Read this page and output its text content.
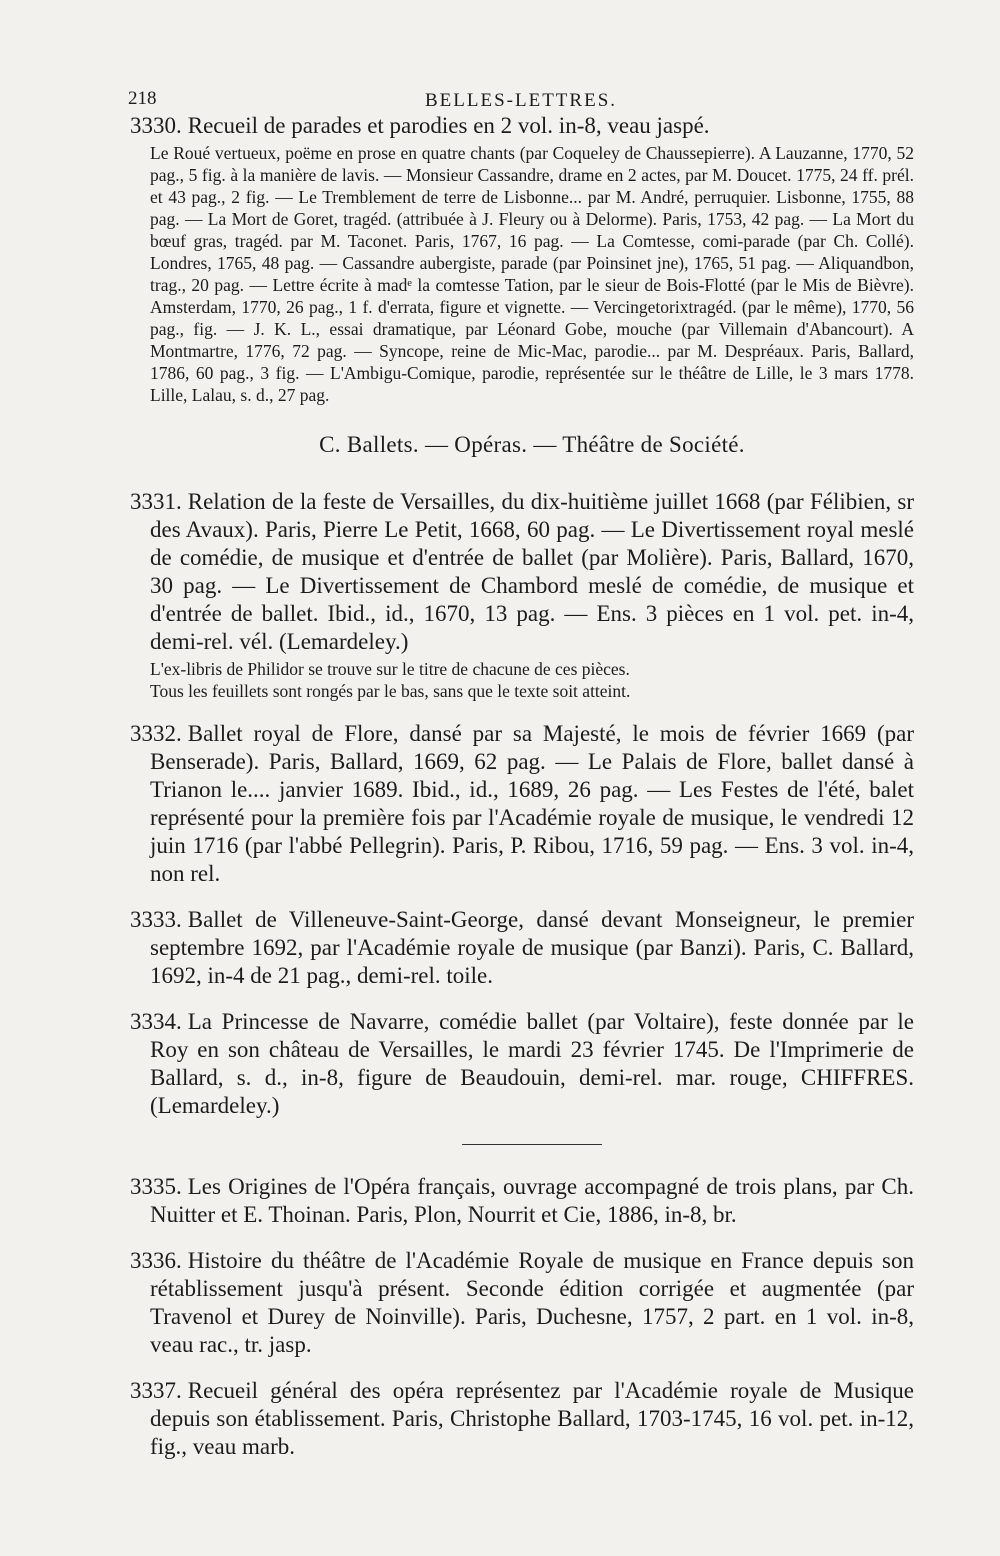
218	BELLES-LETTRES.
3330. Recueil de parades et parodies en 2 vol. in-8, veau jaspé.

Le Roué vertueux, poëme en prose en quatre chants (par Coqueley de Chaussepierre). A Lauzanne, 1770, 52 pag., 5 fig. à la manière de lavis. — Monsieur Cassandre, drame en 2 actes, par M. Doucet. 1775, 24 ff. prél. et 43 pag., 2 fig. — Le Tremblement de terre de Lisbonne... par M. André, perruquier. Lisbonne, 1755, 88 pag. — La Mort de Goret, tragéd. (attribuée à J. Fleury ou à Delorme). Paris, 1753, 42 pag. — La Mort du bœuf gras, tragéd. par M. Taconet. Paris, 1767, 16 pag. — La Comtesse, comi-parade (par Ch. Collé). Londres, 1765, 48 pag. — Cassandre aubergiste, parade (par Poinsinet jne), 1765, 51 pag. — Aliquandbon, trag., 20 pag. — Lettre écrite à madᵉ la comtesse Tation, par le sieur de Bois-Flotté (par le Mis de Bièvre). Amsterdam, 1770, 26 pag., 1 f. d'errata, figure et vignette. — Vercingetorixtragéd. (par le même), 1770, 56 pag., fig. — J. K. L., essai dramatique, par Léonard Gobe, mouche (par Villemain d'Abancourt). A Montmartre, 1776, 72 pag. — Syncope, reine de Mic-Mac, parodie... par M. Despréaux. Paris, Ballard, 1786, 60 pag., 3 fig. — L'Ambigu-Comique, parodie, représentée sur le théâtre de Lille, le 3 mars 1778. Lille, Lalau, s. d., 27 pag.

C. Ballets. — Opéras. — Théâtre de Société.
3331. Relation de la feste de Versailles, du dix-huitième juillet 1668 (par Félibien, sr des Avaux). Paris, Pierre Le Petit, 1668, 60 pag. — Le Divertissement royal meslé de comédie, de musique et d'entrée de ballet (par Molière). Paris, Ballard, 1670, 30 pag. — Le Divertissement de Chambord meslé de comédie, de musique et d'entrée de ballet. Ibid., id., 1670, 13 pag. — Ens. 3 pièces en 1 vol. pet. in-4, demi-rel. vél. (Lemardeley.)

L'ex-libris de Philidor se trouve sur le titre de chacune de ces pièces.

Tous les feuillets sont rongés par le bas, sans que le texte soit atteint.

3332. Ballet royal de Flore, dansé par sa Majesté, le mois de février 1669 (par Benserade). Paris, Ballard, 1669, 62 pag. — Le Palais de Flore, ballet dansé à Trianon le.... janvier 1689. Ibid., id., 1689, 26 pag. — Les Festes de l'été, balet représenté pour la première fois par l'Académie royale de musique, le vendredi 12 juin 1716 (par l'abbé Pellegrin). Paris, P. Ribou, 1716, 59 pag. — Ens. 3 vol. in-4, non rel.
3333. Ballet de Villeneuve-Saint-George, dansé devant Monseigneur, le premier septembre 1692, par l'Académie royale de musique (par Banzi). Paris, C. Ballard, 1692, in-4 de 21 pag., demi-rel. toile.
3334. La Princesse de Navarre, comédie ballet (par Voltaire), feste donnée par le Roy en son château de Versailles, le mardi 23 février 1745. De l'Imprimerie de Ballard, s. d., in-8, figure de Beaudouin, demi-rel. mar. rouge, CHIFFRES. (Lemardeley.)
3335. Les Origines de l'Opéra français, ouvrage accompagné de trois plans, par Ch. Nuitter et E. Thoinan. Paris, Plon, Nourrit et Cie, 1886, in-8, br.
3336. Histoire du théâtre de l'Académie Royale de musique en France depuis son rétablissement jusqu'à présent. Seconde édition corrigée et augmentée (par Travenol et Durey de Noinville). Paris, Duchesne, 1757, 2 part. en 1 vol. in-8, veau rac., tr. jasp.
3337. Recueil général des opéra représentez par l'Académie royale de Musique depuis son établissement. Paris, Christophe Ballard, 1703-1745, 16 vol. pet. in-12, fig., veau marb.
